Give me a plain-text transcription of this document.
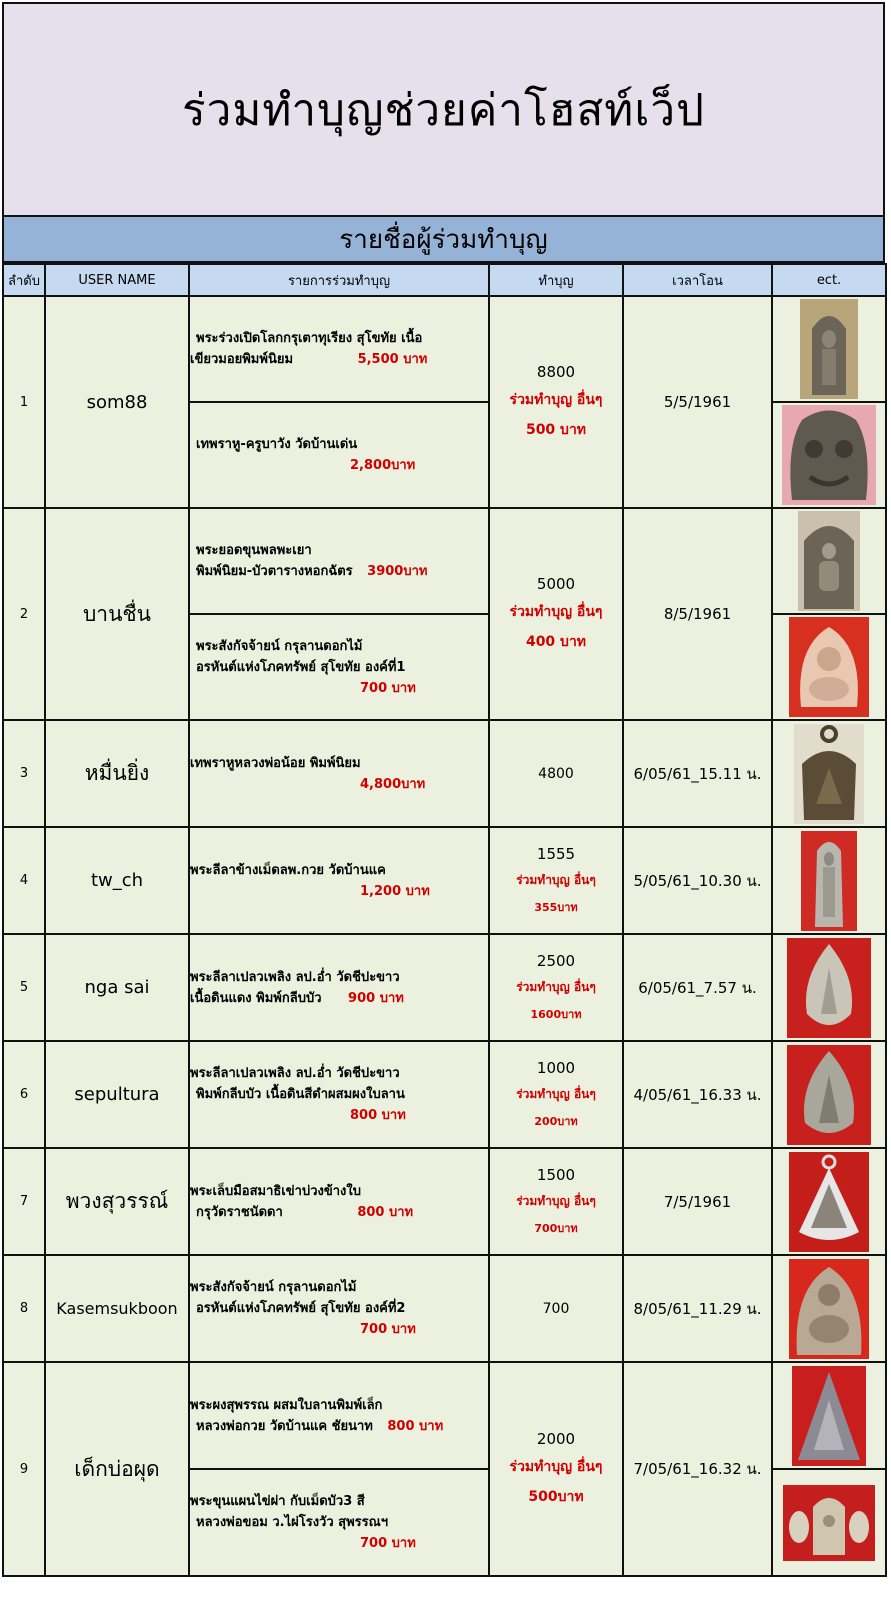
ร่วมทำบุญช่วยค่าโฮสท์เว็ป
รายชื่อผู้ร่วมทำบุญ
ลำดับ	USER NAME	รายการร่วมทำบุญ	ทำบุญ	เวลาโอน	ect.
1	som88	พระร่วงเปิดโลกกรุเตาทุเรียง สุโขทัย เนื้อ
เขียวมอยพิมพ์นิยม 5,500 บาท	8800
ร่วมทำบุญ อื่นๆ
500 บาท	5/5/1961	

		เทพราหู-ครูบาวัง วัดบ้านเด่น
2,800บาท	

2	บานชื่น	พระยอดขุนพลพะเยา
พิมพ์นิยม-บัวตารางหอกฉัตร 3900บาท	5000
ร่วมทำบุญ อื่นๆ
400 บาท	8/5/1961	

		พระสังกัจจ้ายน์ กรุลานดอกไม้
อรหันต์แห่งโภคทรัพย์ สุโขทัย องค์ที่1
700 บาท	

3	หมื่นยิ่ง	เทพราหูหลวงพ่อน้อย พิมพ์นิยม
4,800บาท	4800	6/05/61_15.11 น.	

4	tw_ch	พระลีลาข้างเม็ดลพ.กวย วัดบ้านแค
1,200 บาท	1555
ร่วมทำบุญ อื่นๆ
355บาท	5/05/61_10.30 น.	

5	nga sai	พระลีลาเปลวเพลิง ลป.อ่ำ วัดชีปะขาว
เนื้อดินแดง พิมพ์กลีบบัว 900 บาท	2500
ร่วมทำบุญ อื่นๆ
1600บาท	6/05/61_7.57 น.	

6	sepultura	พระลีลาเปลวเพลิง ลป.อ่ำ วัดชีปะขาว
พิมพ์กลีบบัว เนื้อดินสีดำผสมผงใบลาน
800 บาท	1000
ร่วมทำบุญ อื่นๆ
200บาท	4/05/61_16.33 น.	

7	พวงสุวรรณ์	พระเล็บมือสมาธิเข่าบ่วงข้างใบ
กรุวัดราชนัดดา 800 บาท	1500
ร่วมทำบุญ อื่นๆ
700บาท	7/5/1961	

8	Kasemsukboon	พระสังกัจจ้ายน์ กรุลานดอกไม้
อรหันต์แห่งโภคทรัพย์ สุโขทัย องค์ที่2
700 บาท	700	8/05/61_11.29 น.	

9	เด็กบ่อผุด	พระผงสุพรรณ ผสมใบลานพิมพ์เล็ก
หลวงพ่อกวย วัดบ้านแค ชัยนาท 800 บาท	2000
ร่วมทำบุญ อื่นๆ
500บาท	7/05/61_16.32 น.	

		พระขุนแผนไข่ผ่า กับเม็ดบัว3 สี
หลวงพ่อขอม ว.ไผ่โรงวัว สุพรรณฯ
700 บาท	
